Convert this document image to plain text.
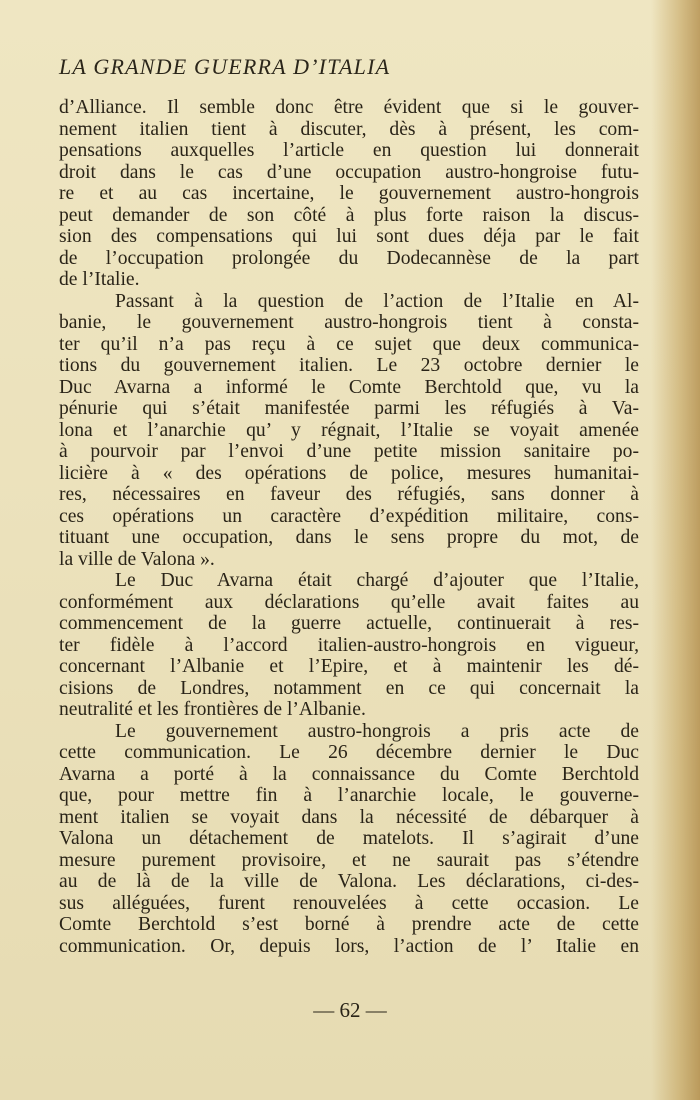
LA GRANDE GUERRA D’ITALIA
d’Alliance. Il semble donc être évident que si le gouver-
nement italien tient à discuter, dès à présent, les com-
pensations auxquelles l’article en question lui donnerait
droit dans le cas d’une occupation austro-hongroise futu-
re et au cas incertaine, le gouvernement austro-hongrois
peut demander de son côté à plus forte raison la discus-
sion des compensations qui lui sont dues déja par le fait
de l’occupation prolongée du Dodecannèse de la part
de l’Italie.
Passant à la question de l’action de l’Italie en Al-
banie, le gouvernement austro-hongrois tient à consta-
ter qu’il n’a pas reçu à ce sujet que deux communica-
tions du gouvernement italien. Le 23 octobre dernier le
Duc Avarna a informé le Comte Berchtold que, vu la
pénurie qui s’était manifestée parmi les réfugiés à Va-
lona et l’anarchie qu’ y régnait, l’Italie se voyait amenée
à pourvoir par l’envoi d’une petite mission sanitaire po-
licière à « des opérations de police, mesures humanitai-
res, nécessaires en faveur des réfugiés, sans donner à
ces opérations un caractère d’expédition militaire, cons-
tituant une occupation, dans le sens propre du mot, de
la ville de Valona ».
Le Duc Avarna était chargé d’ajouter que l’Italie,
conformément aux déclarations qu’elle avait faites au
commencement de la guerre actuelle, continuerait à res-
ter fidèle à l’accord italien-austro-hongrois en vigueur,
concernant l’Albanie et l’Epire, et à maintenir les dé-
cisions de Londres, notamment en ce qui concernait la
neutralité et les frontières de l’Albanie.
Le gouvernement austro-hongrois a pris acte de
cette communication. Le 26 décembre dernier le Duc
Avarna a porté à la connaissance du Comte Berchtold
que, pour mettre fin à l’anarchie locale, le gouverne-
ment italien se voyait dans la nécessité de débarquer à
Valona un détachement de matelots. Il s’agirait d’une
mesure purement provisoire, et ne saurait pas s’étendre
au de là de la ville de Valona. Les déclarations, ci-des-
sus alléguées, furent renouvelées à cette occasion. Le
Comte Berchtold s’est borné à prendre acte de cette
communication. Or, depuis lors, l’action de l’ Italie en
— 62 —
